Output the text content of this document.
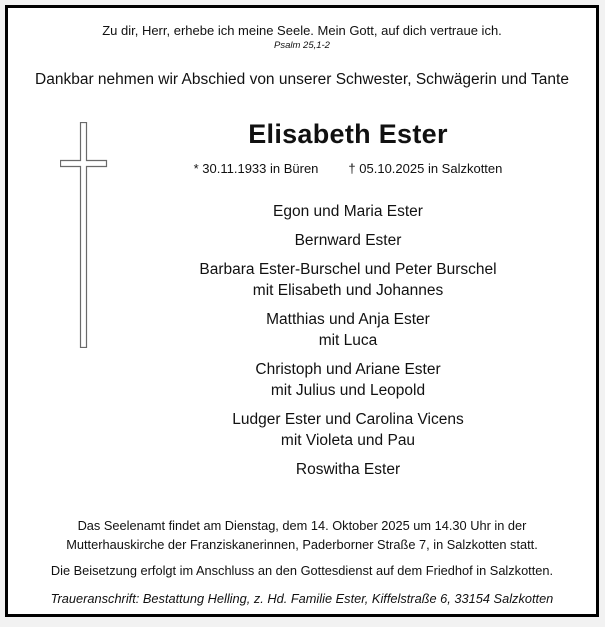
Zu dir, Herr, erhebe ich meine Seele. Mein Gott, auf dich vertraue ich.
Psalm 25,1-2
Dankbar nehmen wir Abschied von unserer Schwester, Schwägerin und Tante
Elisabeth Ester
* 30.11.1933 in Büren † 05.10.2025 in Salzkotten
Egon und Maria Ester
Bernward Ester
Barbara Ester-Burschel und Peter Burschel
mit Elisabeth und Johannes
Matthias und Anja Ester
mit Luca
Christoph und Ariane Ester
mit Julius und Leopold
Ludger Ester und Carolina Vicens
mit Violeta und Pau
Roswitha Ester
Das Seelenamt findet am Dienstag, dem 14. Oktober 2025 um 14.30 Uhr in der
Mutterhauskirche der Franziskanerinnen, Paderborner Straße 7, in Salzkotten statt.
Die Beisetzung erfolgt im Anschluss an den Gottesdienst auf dem Friedhof in Salzkotten.
Traueranschrift: Bestattung Helling, z. Hd. Familie Ester, Kiffelstraße 6, 33154 Salzkotten
